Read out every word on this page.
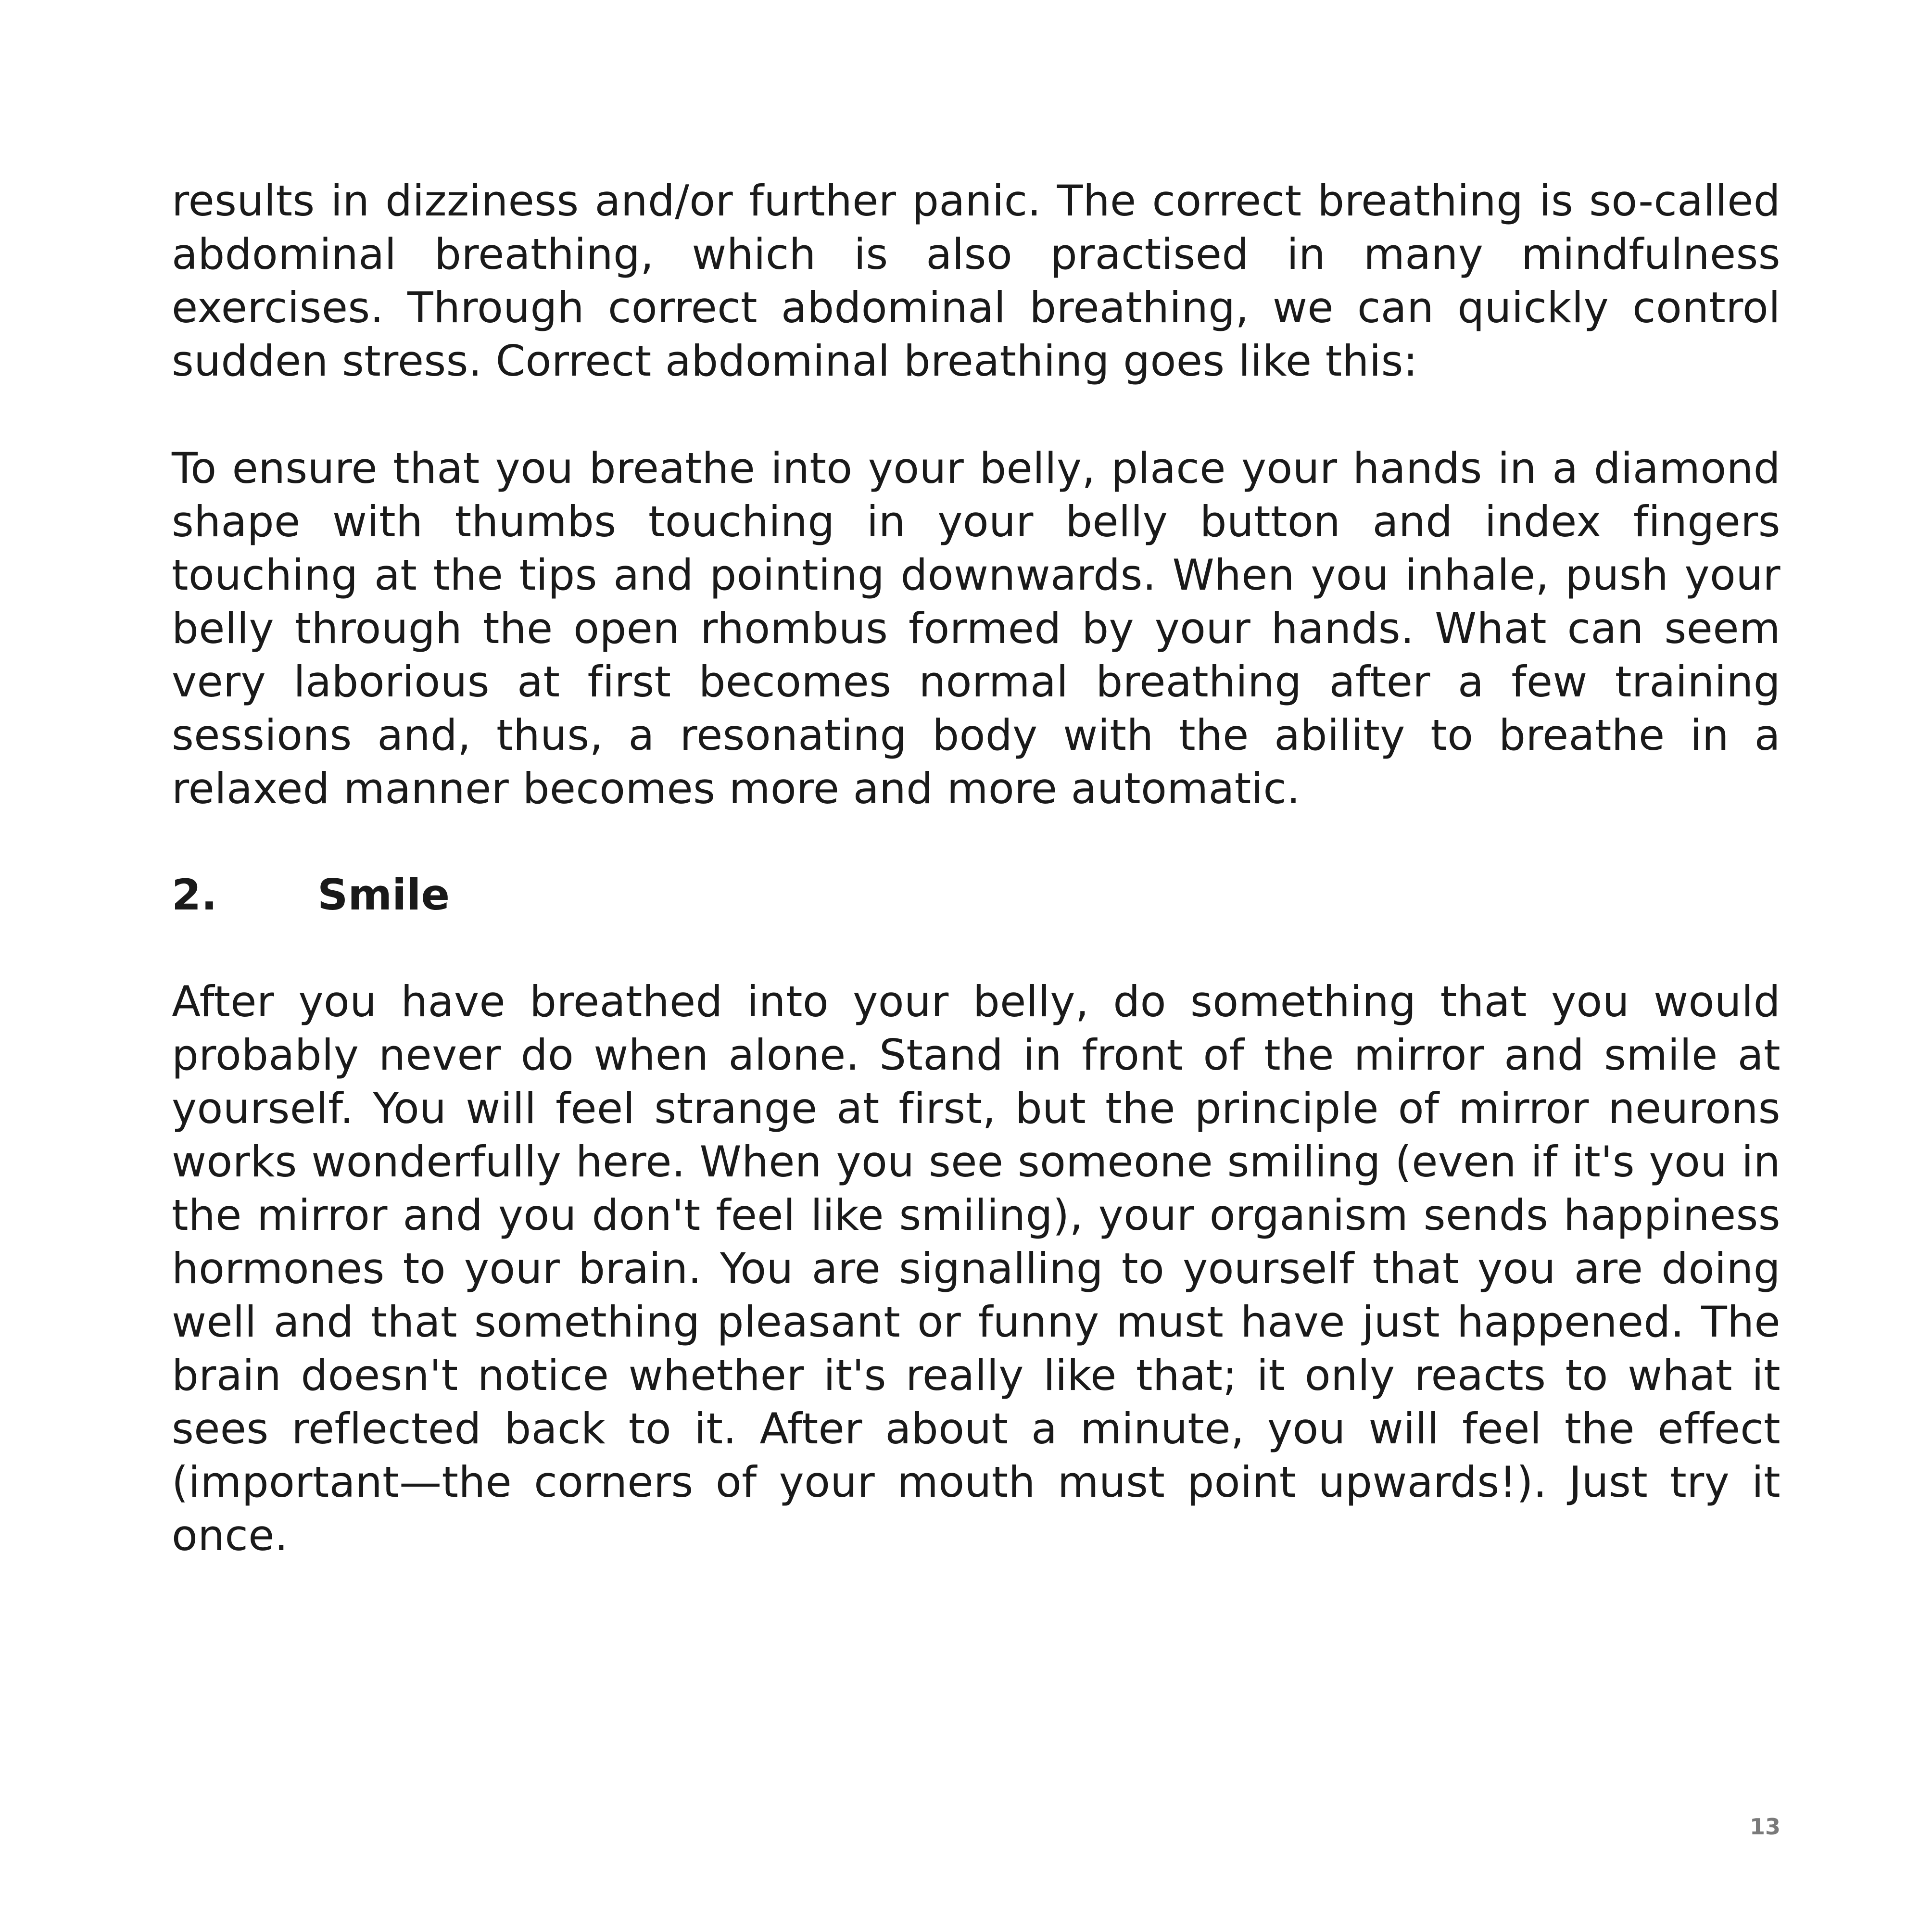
results in dizziness and/or further panic. The correct breathing is so-called abdominal breathing, which is also practised in many mindfulness exercises. Through correct abdominal breathing, we can quickly control sudden stress. Correct abdominal breathing goes like this:

To ensure that you breathe into your belly, place your hands in a diamond shape with thumbs touching in your belly button and index fingers touching at the tips and pointing downwards. When you inhale, push your belly through the open rhombus formed by your hands. What can seem very laborious at first becomes normal breathing after a few training sessions and, thus, a resonating body with the ability to breathe in a relaxed manner becomes more and more automatic.

2. Smile

After you have breathed into your belly, do something that you would probably never do when alone. Stand in front of the mirror and smile at yourself. You will feel strange at first, but the principle of mirror neurons works wonderfully here. When you see someone smiling (even if it's you in the mirror and you don't feel like smiling), your organism sends happiness hormones to your brain. You are signalling to yourself that you are doing well and that something pleasant or funny must have just happened. The brain doesn't notice whether it's really like that; it only reacts to what it sees reflected back to it. After about a minute, you will feel the effect (important—the corners of your mouth must point upwards!). Just try it once.

13
